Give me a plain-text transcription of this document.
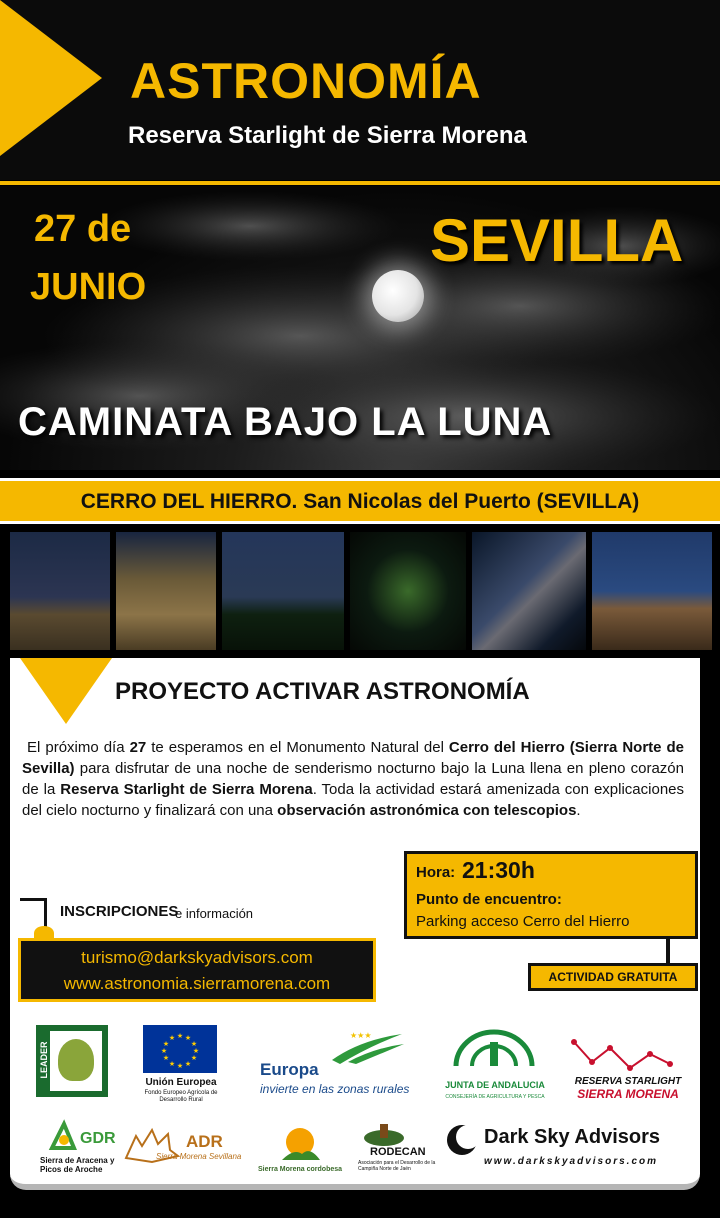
ASTRONOMÍA
Reserva Starlight de Sierra Morena
27 de
JUNIO
SEVILLA
CAMINATA BAJO LA LUNA
CERRO DEL HIERRO. San Nicolas del Puerto (SEVILLA)
PROYECTO ACTIVAR ASTRONOMÍA
El próximo día 27 te esperamos en el Monumento Natural del Cerro del Hierro (Sierra Norte de Sevilla) para disfrutar de una noche de senderismo nocturno bajo la Luna llena en pleno corazón de la Reserva Starlight de Sierra Morena. Toda la actividad estará amenizada con explicaciones del cielo nocturno y finalizará con una observación astronómica con telescopios.
Hora: 21:30h
Punto de encuentro:
Parking acceso Cerro del Hierro
ACTIVIDAD GRATUITA
INSCRIPCIONES
e información
turismo@darkskyadvisors.com
www.astronomia.sierramorena.com
LEADER
★ ★
★
★
★
★
★
★
★
★
★
★
Unión Europea
Fondo Europeo Agrícola de Desarrollo Rural
★★★
Europa
invierte en las zonas rurales	JUNTA DE ANDALUCIA
CONSEJERÍA DE AGRICULTURA Y PESCA
RESERVA STARLIGHT
SIERRA MORENA
GDR
Sierra de Aracena y Picos de Aroche
ADR
Sierra Morena Sevillana
Sierra Morena cordobesa
RODECAN
Asociación para el Desarrollo de la Campiña Norte de Jaén
Dark Sky Advisors
www.darkskyadvisors.com
